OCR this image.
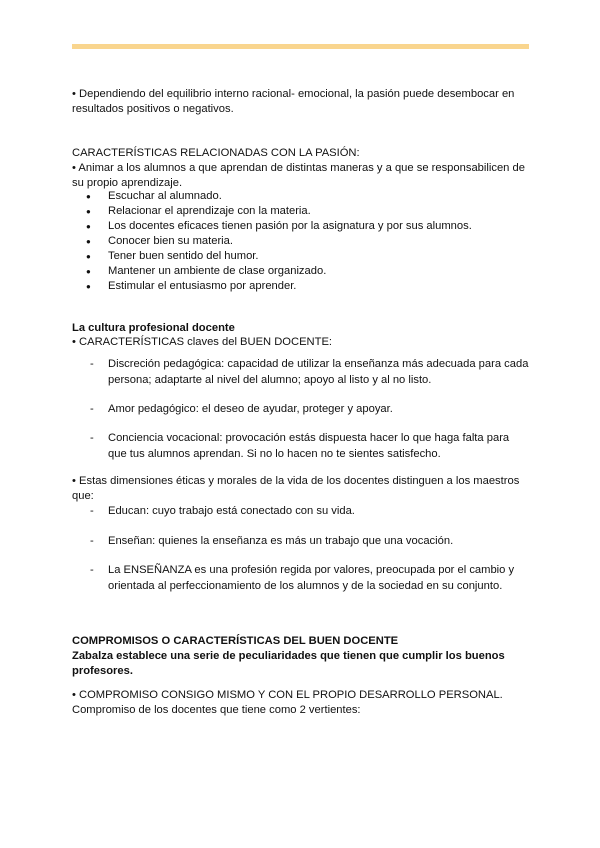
• Dependiendo del equilibrio interno racional- emocional, la pasión puede desembocar en resultados positivos o negativos.

CARACTERÍSTICAS RELACIONADAS CON LA PASIÓN:

• Animar a los alumnos a que aprendan de distintas maneras y a que se responsabilicen de su propio aprendizaje.

● Escuchar al alumnado.
● Relacionar el aprendizaje con la materia.
● Los docentes eficaces tienen pasión por la asignatura y por sus alumnos.
● Conocer bien su materia.
● Tener buen sentido del humor.
● Mantener un ambiente de clase organizado.
● Estimular el entusiasmo por aprender.

La cultura profesional docente

• CARACTERÍSTICAS claves del BUEN DOCENTE:

-	Discreción pedagógica: capacidad de utilizar la enseñanza más adecuada para cada persona; adaptarte al nivel del alumno; apoyo al listo y al no listo.
-	Amor pedagógico: el deseo de ayudar, proteger y apoyar.
-	Conciencia vocacional: provocación estás dispuesta hacer lo que haga falta para que tus alumnos aprendan. Si no lo hacen no te sientes satisfecho.

• Estas dimensiones éticas y morales de la vida de los docentes distinguen a los maestros que:

-	Educan: cuyo trabajo está conectado con su vida.
-	Enseñan: quienes la enseñanza es más un trabajo que una vocación.
-	La ENSEÑANZA es una profesión regida por valores, preocupada por el cambio y orientada al perfeccionamiento de los alumnos y de la sociedad en su conjunto.

COMPROMISOS O CARACTERÍSTICAS DEL BUEN DOCENTE

Zabalza establece una serie de peculiaridades que tienen que cumplir los buenos profesores.

• COMPROMISO CONSIGO MISMO Y CON EL PROPIO DESARROLLO PERSONAL.

Compromiso de los docentes que tiene como 2 vertientes:
